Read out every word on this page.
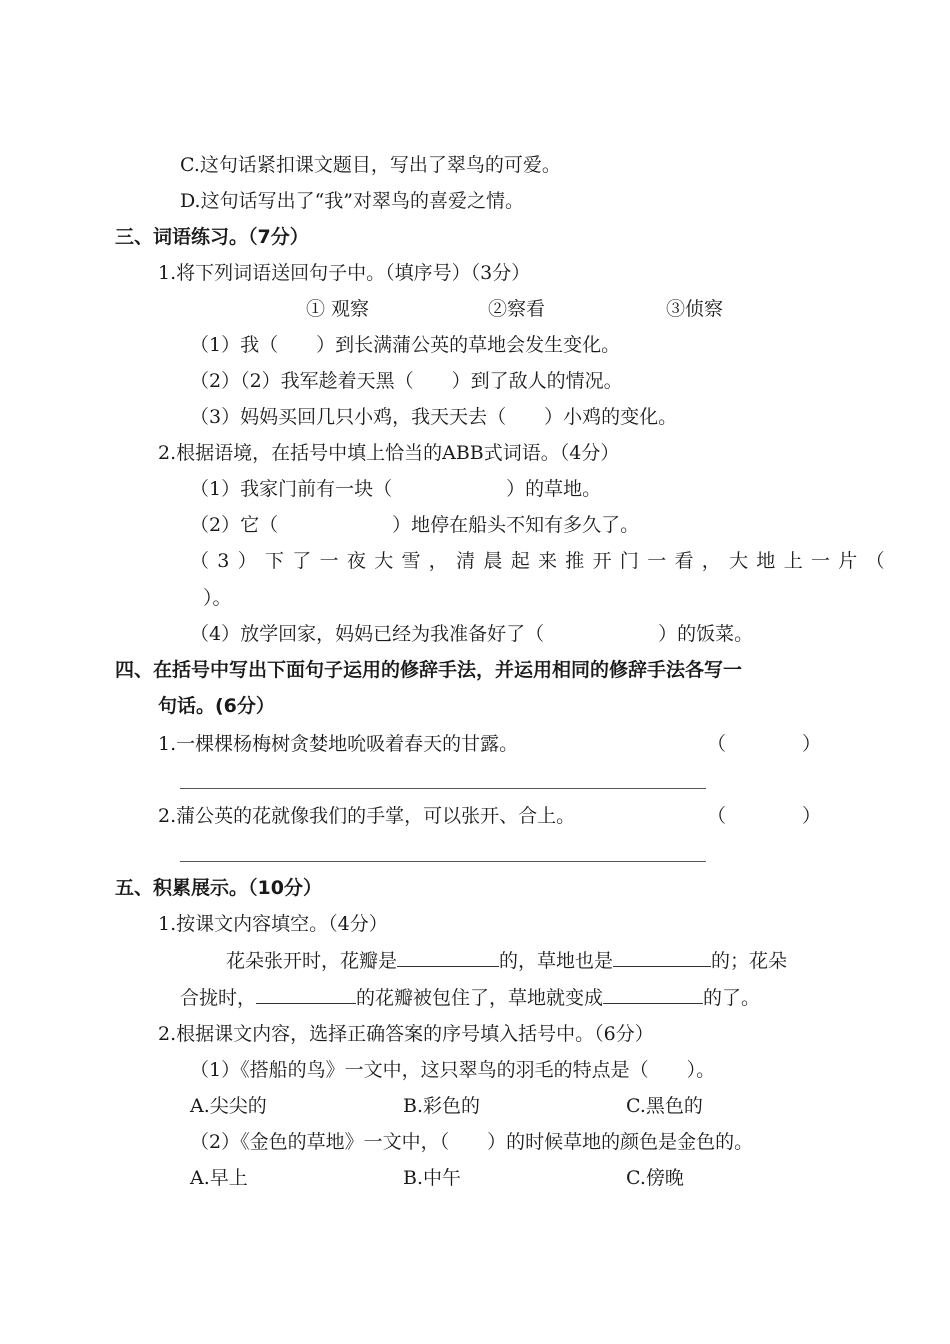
C.这句话紧扣课文题目，写出了翠鸟的可爱。
D.这句话写出了“我”对翠鸟的喜爱之情。
三、词语练习。（7分）
1.将下列词语送回句子中。（填序号）（3分）
① 观察	②察看	③侦察
（1）我（　　）到长满蒲公英的草地会发生变化。
（2）（2）我军趁着天黑（　　）到了敌人的情况。
（3）妈妈买回几只小鸡，我天天去（　　）小鸡的变化。
2.根据语境，在括号中填上恰当的ABB式词语。（4分）
（1）我家门前有一块（　　　　　　）的草地。
（2）它（　　　　　　）地停在船头不知有多久了。
（3）下了一夜大雪，清晨起来推开门一看，大地上一片（
）。
（4）放学回家，妈妈已经为我准备好了（　　　　　　）的饭菜。
四、在括号中写出下面句子运用的修辞手法，并运用相同的修辞手法各写一
句话。(6分）
1.一棵棵杨梅树贪婪地吮吸着春天的甘露。	（　　　　）
2.蒲公英的花就像我们的手掌，可以张开、合上。	（　　　　）
五、积累展示。（10分）
1.按课文内容填空。（4分）
花朵张开时，花瓣是	的，草地也是	的；花朵
合拢时，	的花瓣被包住了，草地就变成	的了。
2.根据课文内容，选择正确答案的序号填入括号中。（6分）
（1）《搭船的鸟》一文中，这只翠鸟的羽毛的特点是（　　）。
A.尖尖的	B.彩色的	C.黑色的
（2）《金色的草地》一文中，（　　）的时候草地的颜色是金色的。
A.早上	B.中午	C.傍晚
